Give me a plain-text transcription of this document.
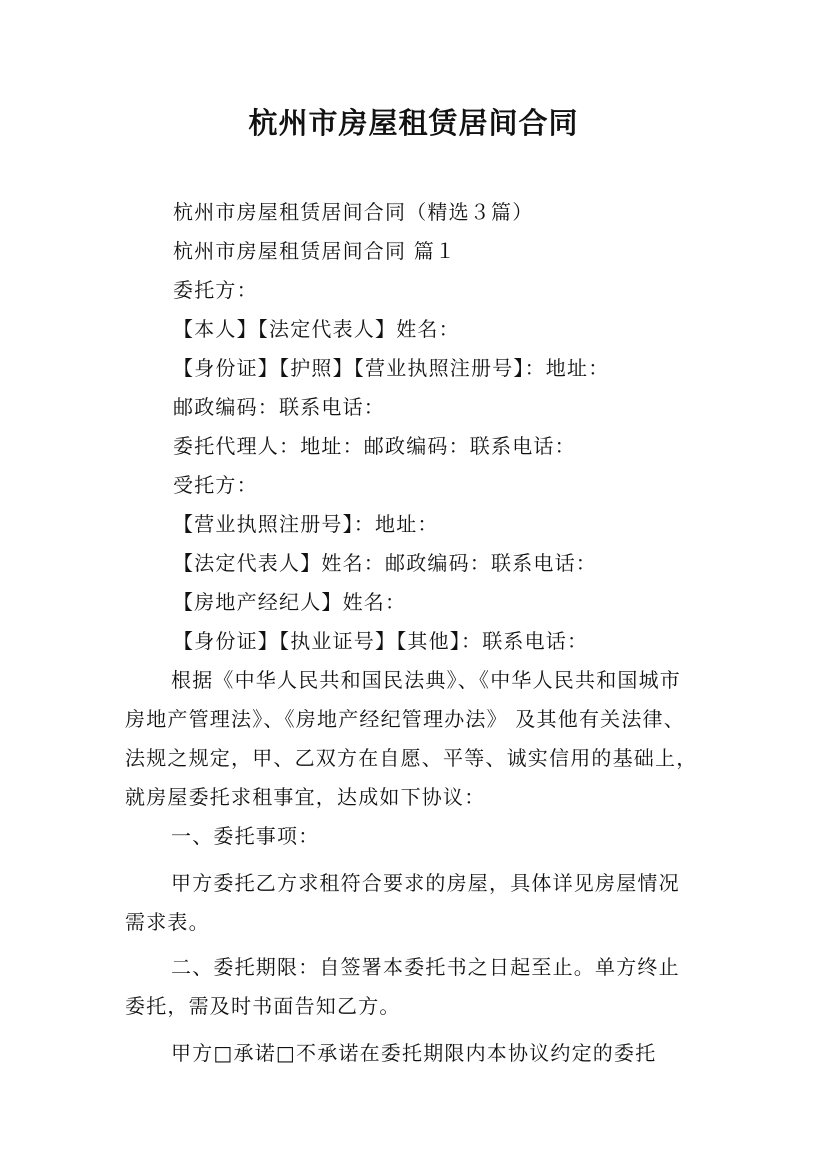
杭州市房屋租赁居间合同
杭州市房屋租赁居间合同（精选３篇）
杭州市房屋租赁居间合同 篇１
委托方：
【本人】【法定代表人】姓名：
【身份证】【护照】【营业执照注册号】：地址：
邮政编码：联系电话：
委托代理人：地址：邮政编码：联系电话：
受托方：
【营业执照注册号】：地址：
【法定代表人】姓名：邮政编码：联系电话：
【房地产经纪人】姓名：
【身份证】【执业证号】【其他】：联系电话：
根据《中华人民共和国民法典》、《中华人民共和国城市
房地产管理法》、《房地产经纪管理办法》 及其他有关法律、
法规之规定，甲、乙双方在自愿、平等、诚实信用的基础上，
就房屋委托求租事宜，达成如下协议：
一、委托事项：
甲方委托乙方求租符合要求的房屋，具体详见房屋情况
需求表。
二、委托期限：自签署本委托书之日起至止。单方终止
委托，需及时书面告知乙方。
甲方□承诺□不承诺在委托期限内本协议约定的委托
